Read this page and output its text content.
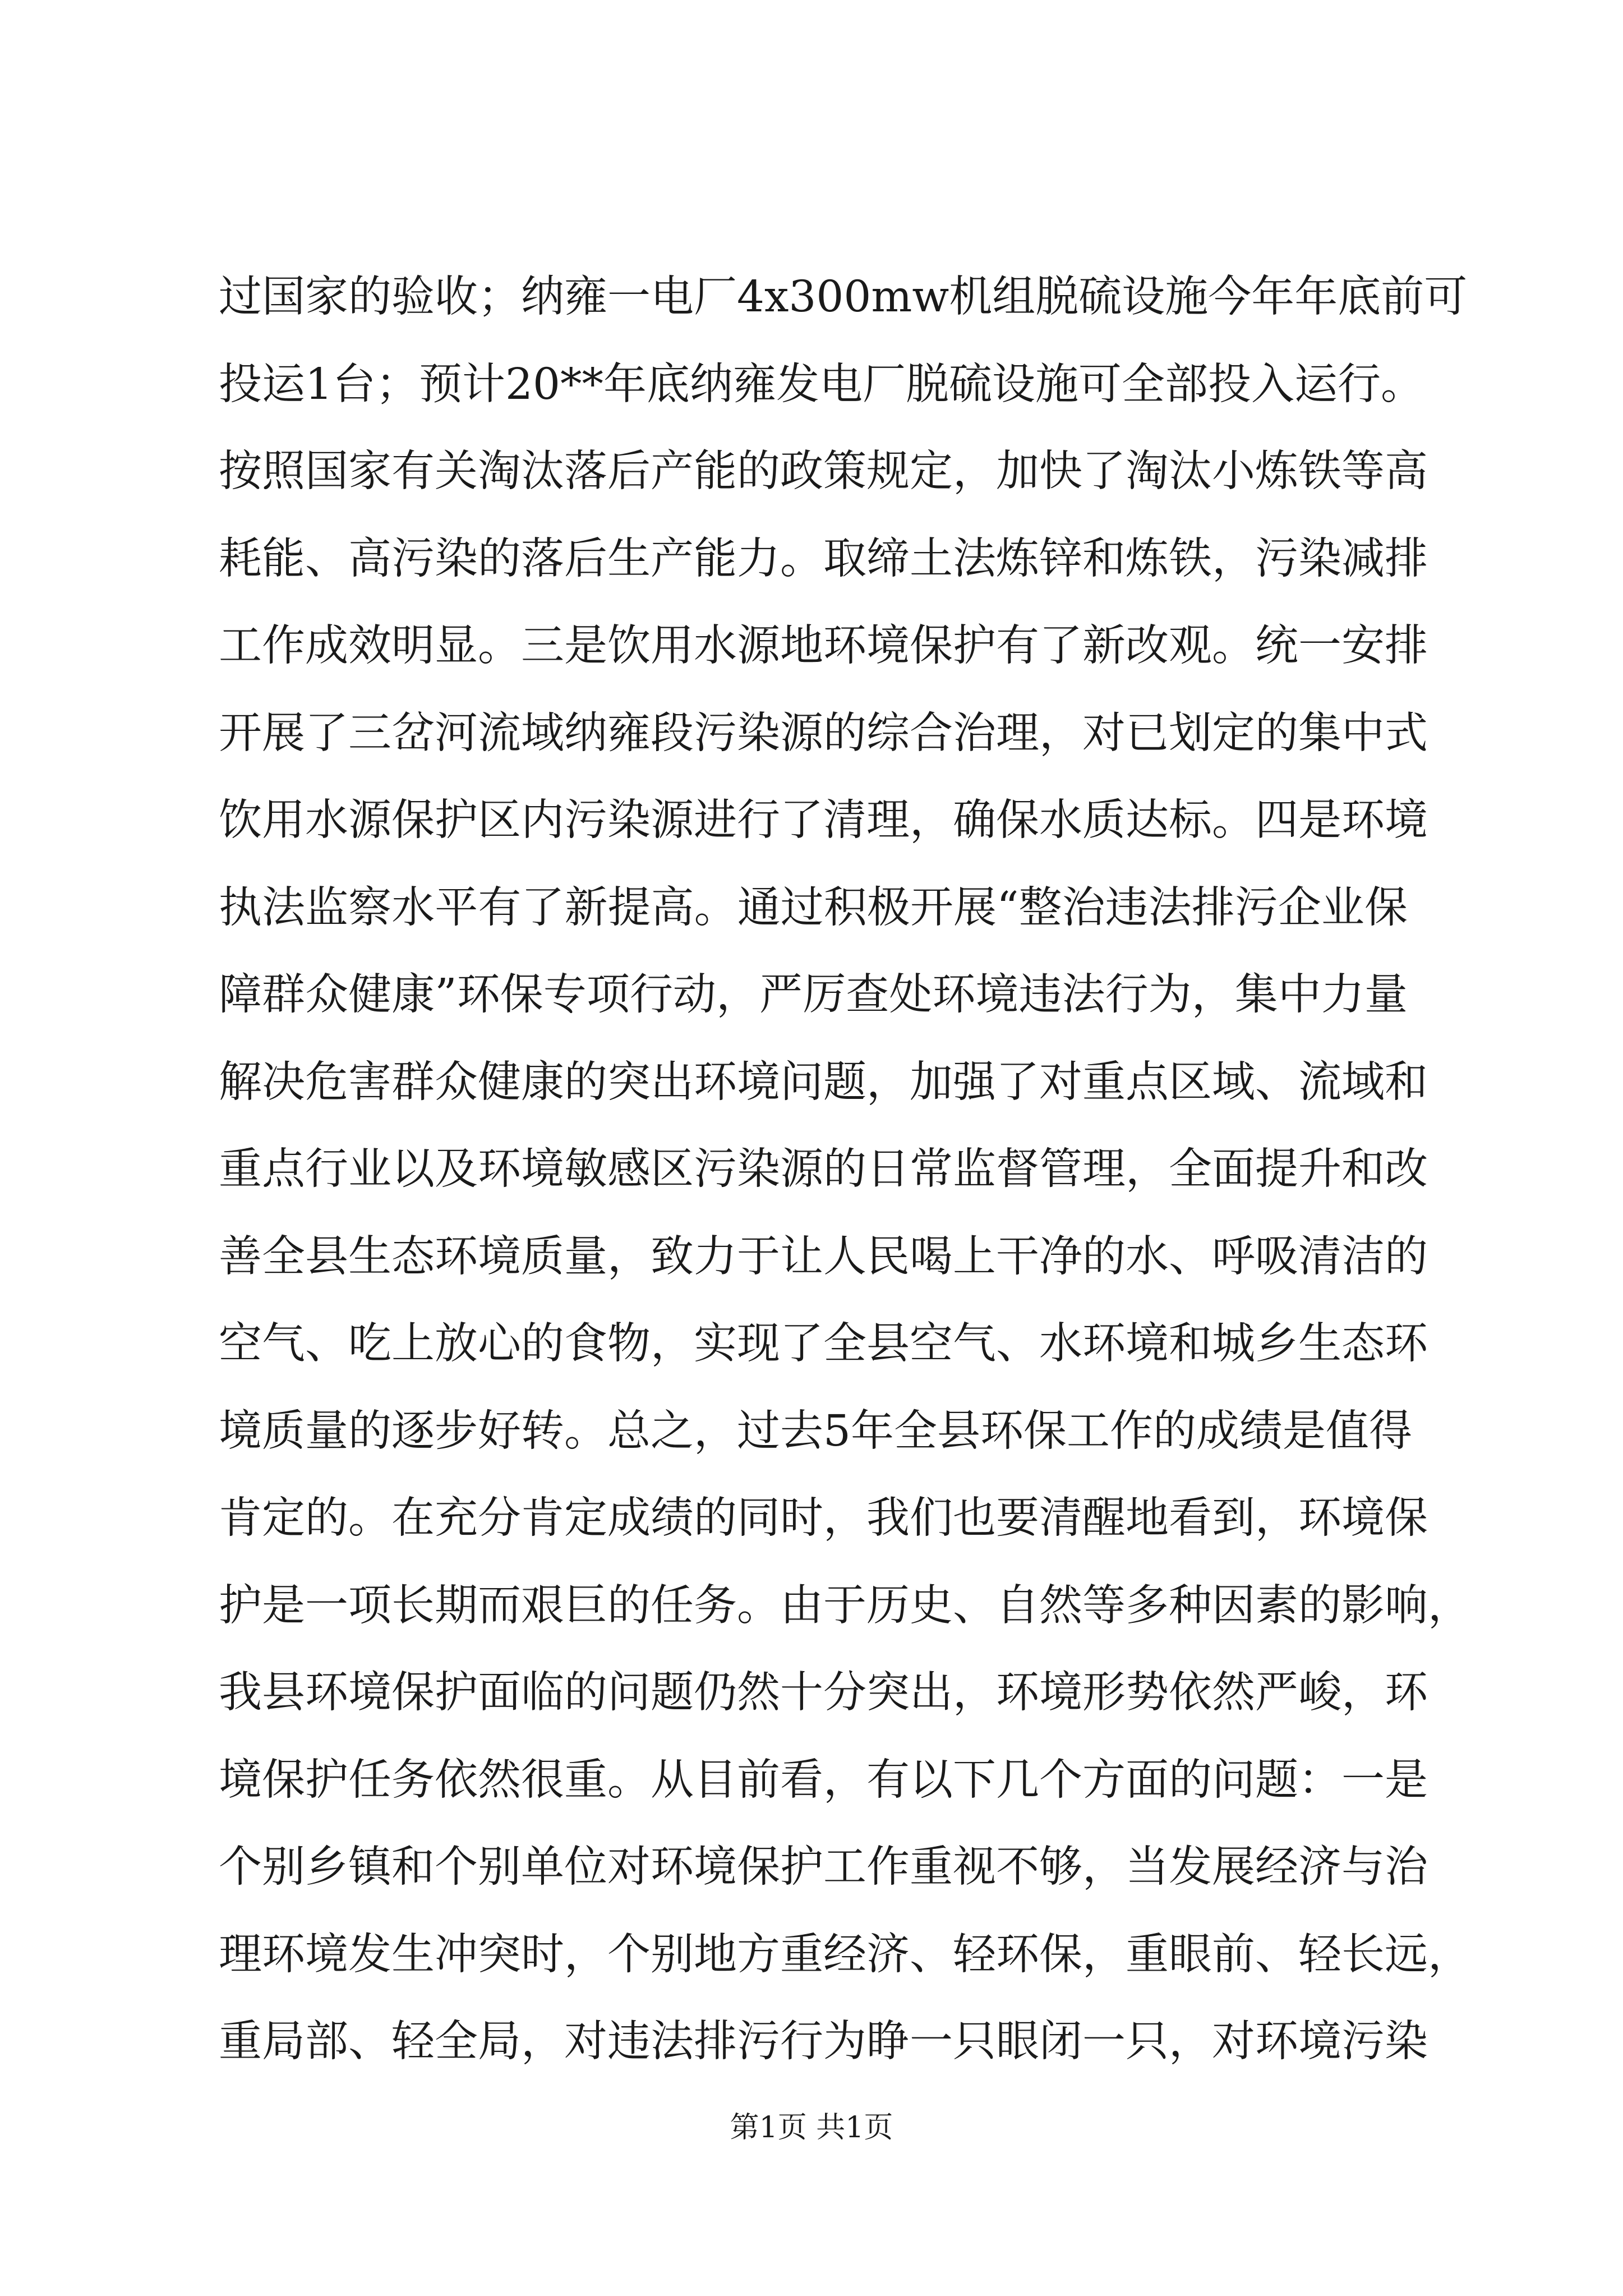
过国家的验收；纳雍一电厂4x300mw机组脱硫设施今年年底前可
投运1台；预计20**年底纳雍发电厂脱硫设施可全部投入运行。
按照国家有关淘汰落后产能的政策规定，加快了淘汰小炼铁等高
耗能、高污染的落后生产能力。取缔土法炼锌和炼铁，污染减排
工作成效明显。三是饮用水源地环境保护有了新改观。统一安排
开展了三岔河流域纳雍段污染源的综合治理，对已划定的集中式
饮用水源保护区内污染源进行了清理，确保水质达标。四是环境
执法监察水平有了新提高。通过积极开展“整治违法排污企业保
障群众健康”环保专项行动，严厉查处环境违法行为，集中力量
解决危害群众健康的突出环境问题，加强了对重点区域、流域和
重点行业以及环境敏感区污染源的日常监督管理，全面提升和改
善全县生态环境质量，致力于让人民喝上干净的水、呼吸清洁的
空气、吃上放心的食物，实现了全县空气、水环境和城乡生态环
境质量的逐步好转。总之，过去5年全县环保工作的成绩是值得
肯定的。在充分肯定成绩的同时，我们也要清醒地看到，环境保
护是一项长期而艰巨的任务。由于历史、自然等多种因素的影响，
我县环境保护面临的问题仍然十分突出，环境形势依然严峻，环
境保护任务依然很重。从目前看，有以下几个方面的问题：一是
个别乡镇和个别单位对环境保护工作重视不够，当发展经济与治
理环境发生冲突时，个别地方重经济、轻环保，重眼前、轻长远，
重局部、轻全局，对违法排污行为睁一只眼闭一只，对环境污染
第1页 共1页
